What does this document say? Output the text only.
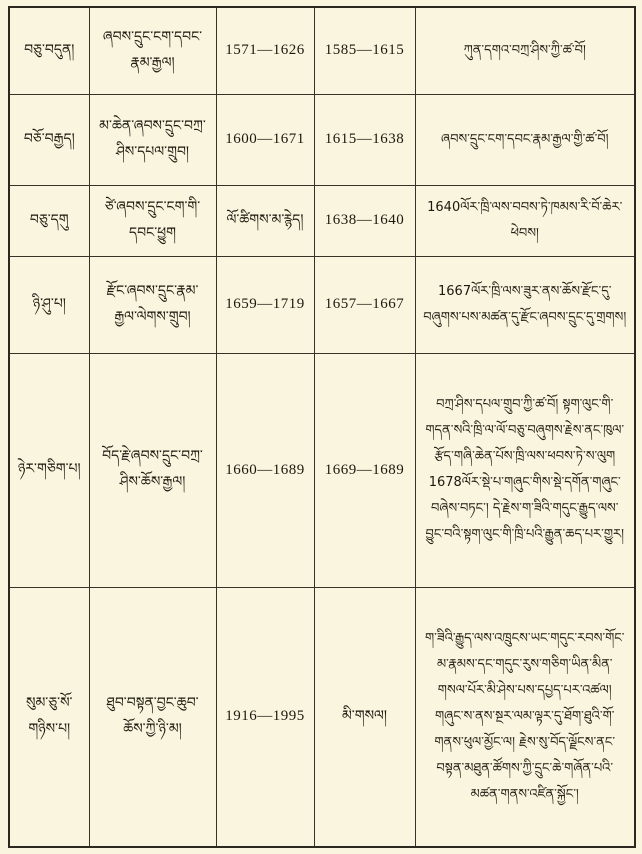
བཅུ་བདུན།	ཞབས་དྲུང་ངག་དབང་རྣམ་རྒྱལ།	1571—1626	1585—1615	ཀུན་དགའ་བཀྲ་ཤིས་ཀྱི་ཚ་བོ།
བཅོ་བརྒྱད།	མ་ཆེན་ཞབས་དྲུང་བཀྲ་ཤིས་དཔལ་གྲུབ།	1600—1671	1615—1638	ཞབས་དྲུང་ངག་དབང་རྣམ་རྒྱལ་གྱི་ཚ་བོ།
བཅུ་དགུ	ཙེ་ཞབས་དྲུང་ངག་གི་དབང་ཕྱུག	ལོ་ཚིགས་མ་རྙེད།	1638—1640	1640ལོར་ཁྲི་ལས་བབས་ཏེ་ཁམས་རི་བོ་ཆེར་ཕེབས།
ཉི་ཤུ་པ།	རྫོང་ཞབས་དྲུང་རྣམ་རྒྱལ་ལེགས་གྲུབ།	1659—1719	1657—1667	1667ལོར་ཁྲི་ལས་ཟུར་ནས་ཆོས་རྫོང་དུ་བཞུགས་པས་མཚན་དུ་རྫོང་ཞབས་དྲུང་དུ་གྲགས།
ཉེར་གཅིག་པ།	བོད་རྗེ་ཞབས་དྲུང་བཀྲ་ཤིས་ཆོས་རྒྱལ།	1660—1689	1669—1689	བཀྲ་ཤིས་དཔལ་གྲུབ་ཀྱི་ཚ་བོ། སྟག་ལུང་གི་གདན་སའི་ཁྲི་ལ་ལོ་བཅུ་བཞུགས་རྗེས་ནང་ཁུལ་རྩོད་གཞི་ཆེན་པོས་ཁྲི་ལས་ཕབས་ཏེ་ས་ལུག 1678ལོར་སྡེ་པ་གཞུང་གིས་སྡེ་དགོན་གཞུང་བཞེས་བཏང་། དེ་རྗེས་ག་ཟིའི་གདུང་རྒྱུད་ལས་བྱུང་བའི་སྟག་ལུང་གི་ཁྲི་པའི་རྒྱུན་ཆད་པར་གྱུར།
སུམ་ཅུ་སོ་གཉིས་པ།	ཐུབ་བསྟན་བྱང་ཆུབ་ཆོས་ཀྱི་ཉི་མ།	1916—1995	མི་གསལ།	ག་ཟིའི་རྒྱུད་ལས་འཁྲུངས་ཡང་གདུང་རབས་གོང་མ་རྣམས་དང་གདུང་རུས་གཅིག་ཡིན་མིན་གསལ་པོར་མི་ཤེས་པས་དཔྱད་པར་འཚལ། གཞུང་ས་ནས་སྔར་ལམ་ལྟར་དུ་ཐོག་ཐུའི་གོ་གནས་ཕུལ་མྱོང་ལ། རྗེས་སུ་བོད་ལྗོངས་ནང་བསྟན་མཐུན་ཚོགས་ཀྱི་དྲུང་ཆེ་གཞོན་པའི་མཚན་གནས་འཛིན་སྐྱོང་།
